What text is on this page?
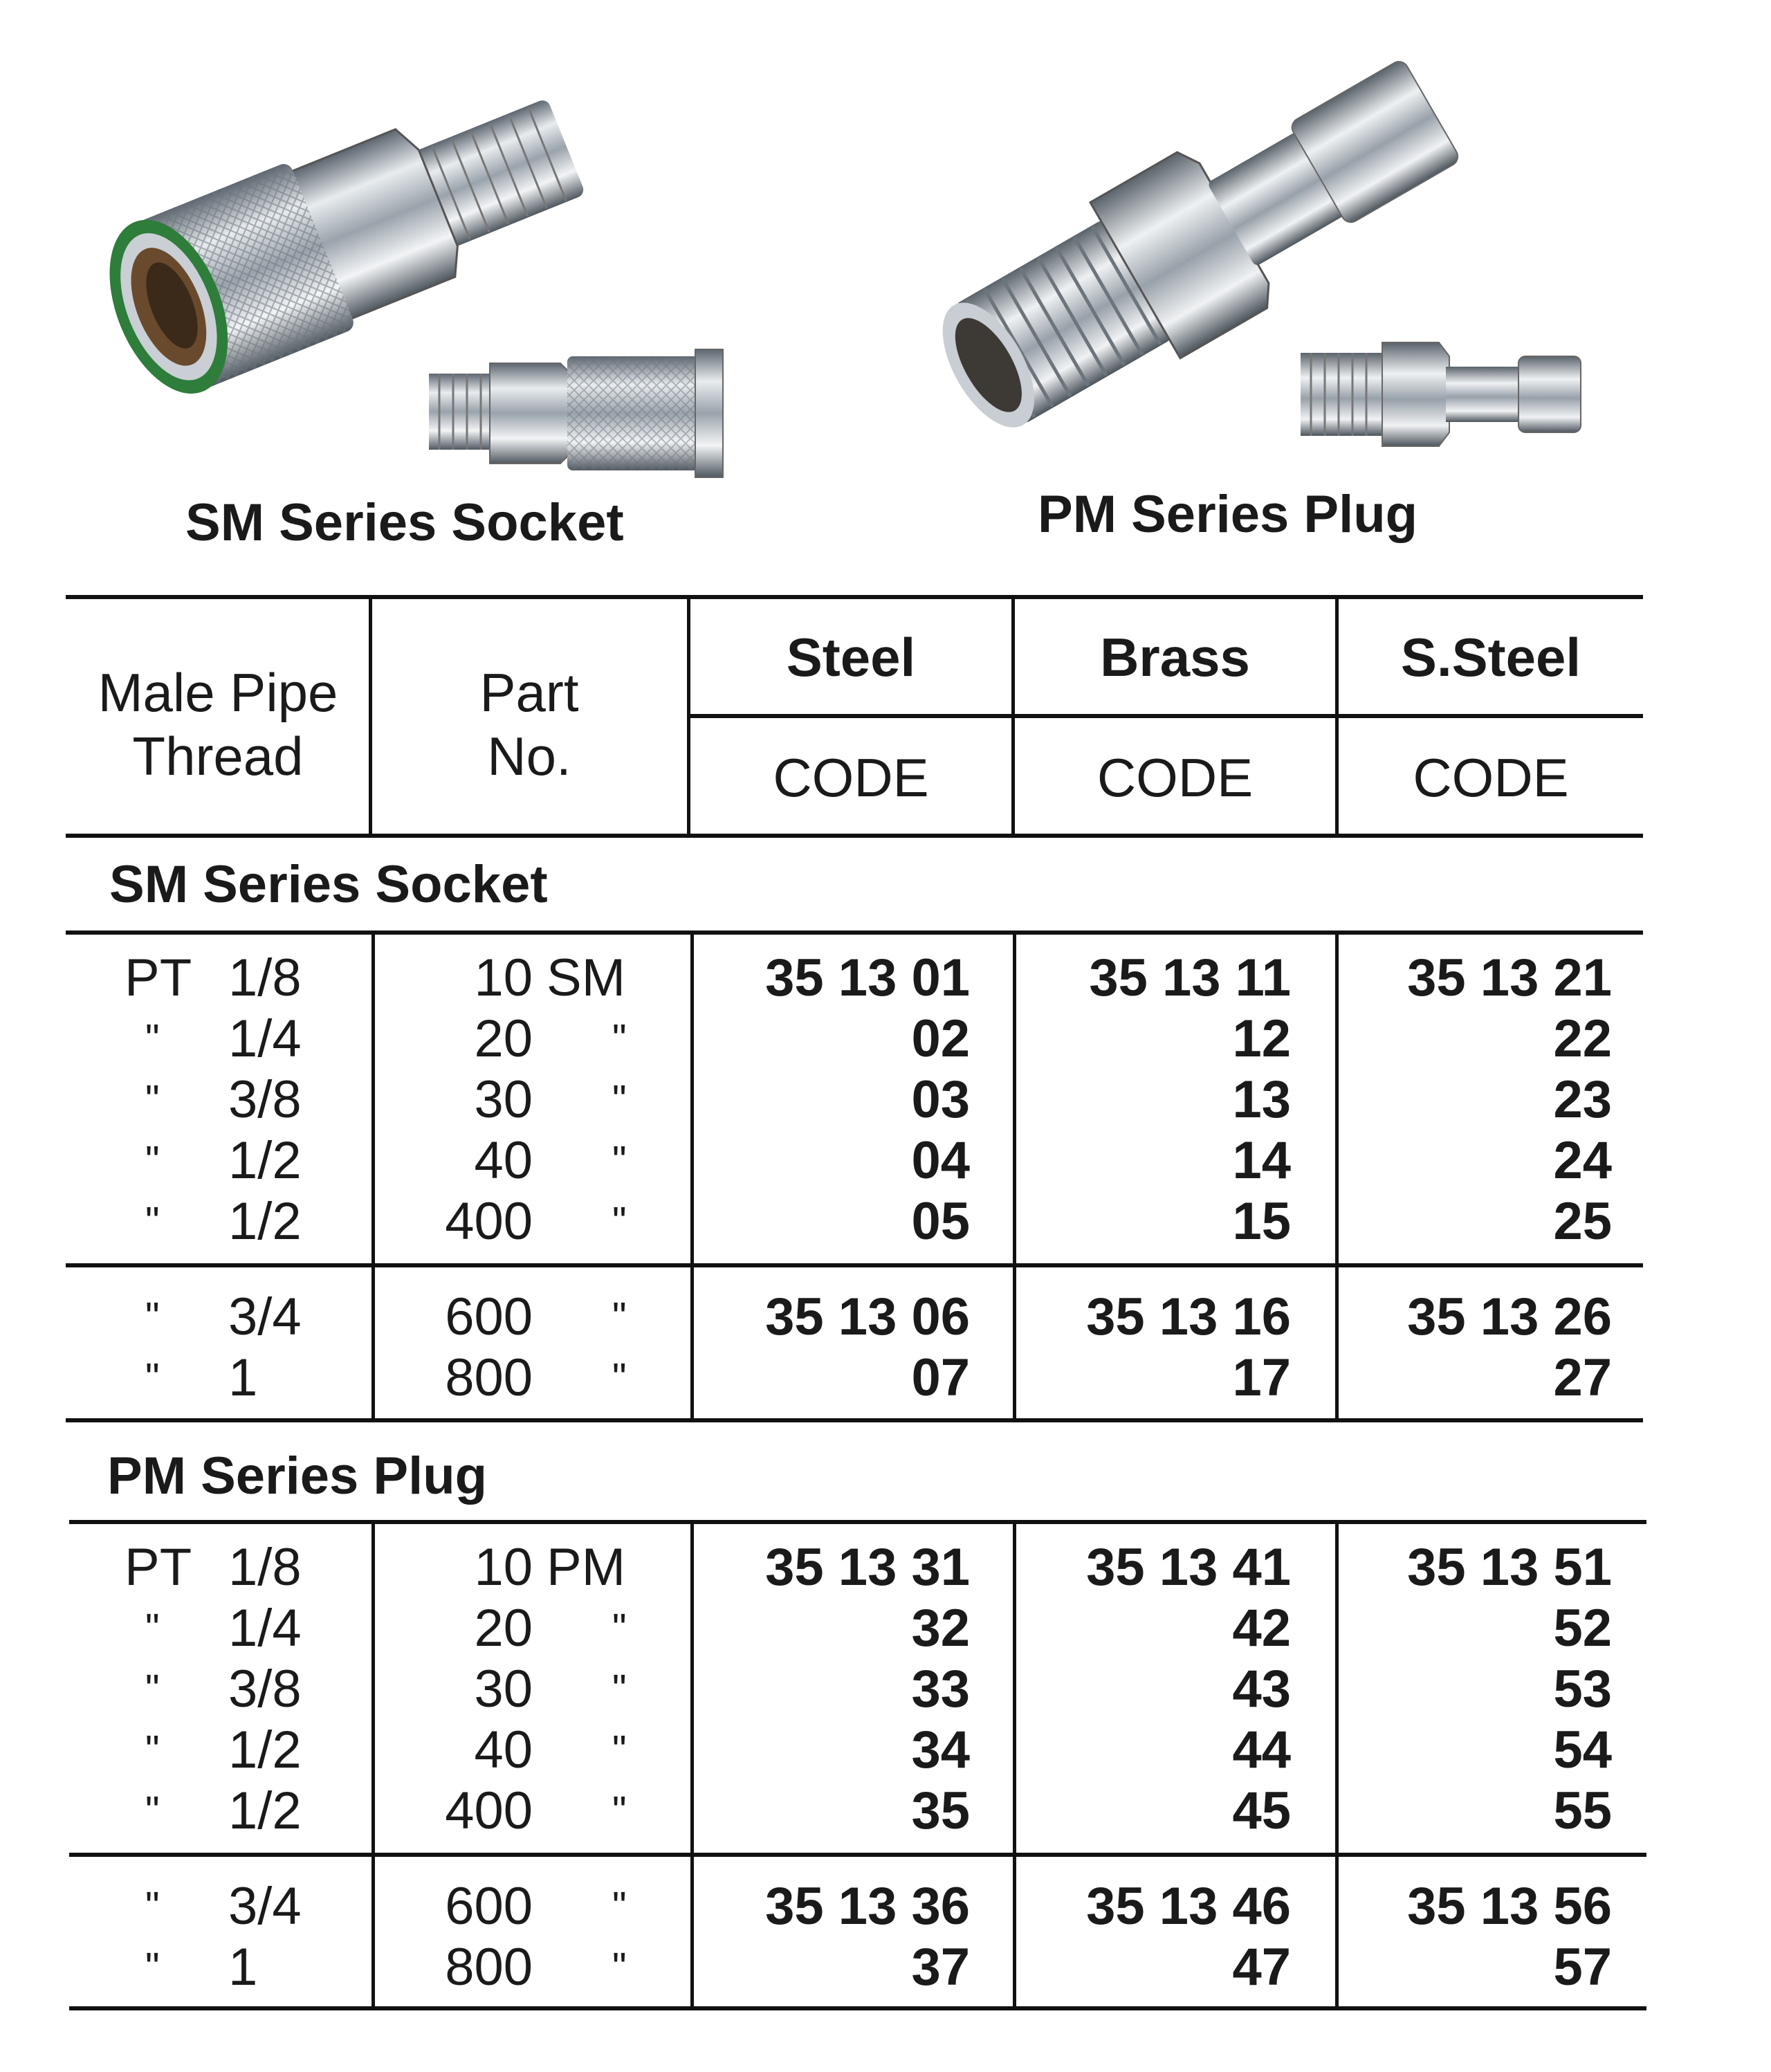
SM Series Socket	PM Series Plug
Male Pipe
Thread
Part
No.
Steel	Brass	S.Steel
CODE	CODE	CODE
SM Series Socket
PT 1/8	10 SM	35 13 01	35 13 11	35 13 21
" 1/4	20 "	02	12	22
" 3/8	30 "	03	13	23
" 1/2	40 "	04	14	24
" 1/2	400 "	05	15	25
" 3/4	600 "	35 13 06	35 13 16	35 13 26
" 1	800 "	07	17	27
PM Series Plug
PT 1/8	10 PM	35 13 31	35 13 41	35 13 51
" 1/4	20 "	32	42	52
" 3/8	30 "	33	43	53
" 1/2	40 "	34	44	54
" 1/2	400 "	35	45	55
" 3/4	600 "	35 13 36	35 13 46	35 13 56
" 1	800 "	37	47	57
